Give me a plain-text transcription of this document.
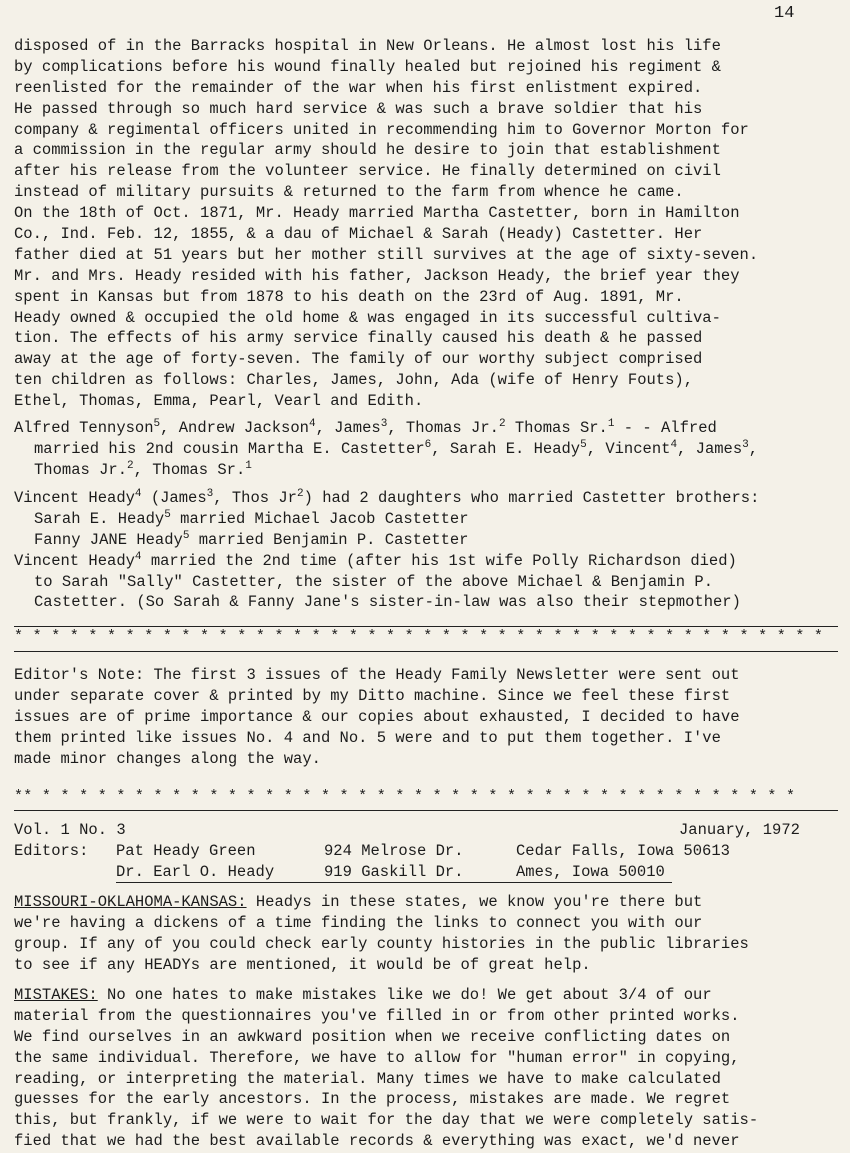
14
disposed of in the Barracks hospital in New Orleans. He almost lost his life
by complications before his wound finally healed but rejoined his regiment &
reenlisted for the remainder of the war when his first enlistment expired.
He passed through so much hard service & was such a brave soldier that his
company & regimental officers united in recommending him to Governor Morton for
a commission in the regular army should he desire to join that establishment
after his release from the volunteer service. He finally determined on civil
instead of military pursuits & returned to the farm from whence he came.
On the 18th of Oct. 1871, Mr. Heady married Martha Castetter, born in Hamilton
Co., Ind. Feb. 12, 1855, & a dau of Michael & Sarah (Heady) Castetter. Her
father died at 51 years but her mother still survives at the age of sixty-seven.
Mr. and Mrs. Heady resided with his father, Jackson Heady, the brief year they
spent in Kansas but from 1878 to his death on the 23rd of Aug. 1891, Mr.
Heady owned & occupied the old home & was engaged in its successful cultiva-
tion. The effects of his army service finally caused his death & he passed
away at the age of forty-seven. The family of our worthy subject comprised
ten children as follows: Charles, James, John, Ada (wife of Henry Fouts),
Ethel, Thomas, Emma, Pearl, Vearl and Edith.
Alfred Tennyson$^5$, Andrew Jackson$^4$, James$^3$, Thomas Jr.$^2$ Thomas Sr.$^1$ - - Alfred
married his 2nd cousin Martha E. Castetter$^6$, Sarah E. Heady$^5$, Vincent$^4$, James$^3$,
Thomas Jr.$^2$, Thomas Sr.$^1$
Vincent Heady$^4$ (James$^3$, Thos Jr$^2$) had 2 daughters who married Castetter brothers:
Sarah E. Heady$^5$ married Michael Jacob Castetter
Fanny JANE Heady$^5$ married Benjamin P. Castetter
Vincent Heady$^4$ married the 2nd time (after his 1st wife Polly Richardson died)
to Sarah "Sally" Castetter, the sister of the above Michael & Benjamin P.
Castetter. (So Sarah & Fanny Jane's sister-in-law was also their stepmother)
* * * * * * * * * * * * * * * * * * * * * * * * * * * * * * * * * * * * * * * * * * * *
Editor's Note: The first 3 issues of the Heady Family Newsletter were sent out
under separate cover & printed by my Ditto machine. Since we feel these first
issues are of prime importance & our copies about exhausted, I decided to have
them printed like issues No. 4 and No. 5 were and to put them together. I've
made minor changes along the way.
** * * * * * * * * * * * * * * * * * * * * * * * * * * * * * * * * * * * * * * * * *
Vol. 1 No. 3	January, 1972
Editors: Pat Heady Green	924 Melrose Dr.	Cedar Falls, Iowa 50613
Dr. Earl O. Heady	919 Gaskill Dr.	Ames, Iowa 50010
MISSOURI-OKLAHOMA-KANSAS: Headys in these states, we know you're there but
we're having a dickens of a time finding the links to connect you with our
group. If any of you could check early county histories in the public libraries
to see if any HEADYs are mentioned, it would be of great help.
MISTAKES: No one hates to make mistakes like we do! We get about 3/4 of our
material from the questionnaires you've filled in or from other printed works.
We find ourselves in an awkward position when we receive conflicting dates on
the same individual. Therefore, we have to allow for "human error" in copying,
reading, or interpreting the material. Many times we have to make calculated
guesses for the early ancestors. In the process, mistakes are made. We regret
this, but frankly, if we were to wait for the day that we were completely satis-
fied that we had the best available records & everything was exact, we'd never
